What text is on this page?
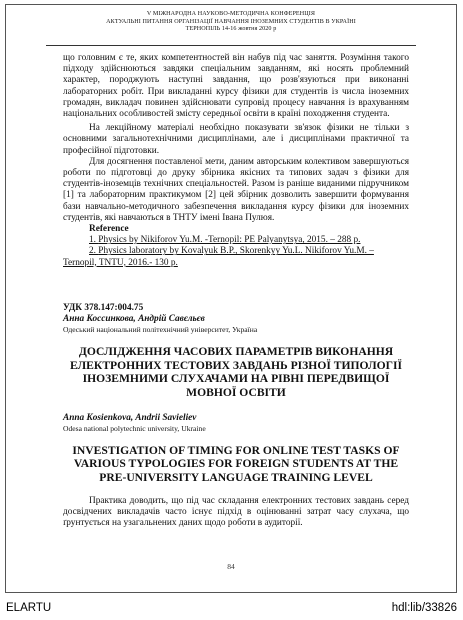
V МІЖНАРОДНА НАУКОВО-МЕТОДИЧНА КОНФЕРЕНЦІЯ
АКТУАЛЬНІ ПИТАННЯ ОРГАНІЗАЦІЇ НАВЧАННЯ ІНОЗЕМНИХ СТУДЕНТІВ В УКРАЇНІ
ТЕРНОПІЛЬ 14-16 жовтня 2020 р

що головним є те, яких компетентностей він набув під час заняття. Розуміння такого підходу здійснюються завдяки спеціальним завданням, які носять проблемний характер, породжують наступні завдання, що розв'язуються при виконанні лабораторних робіт. При викладанні курсу фізики для студентів із числа іноземних громадян, викладач повинен здійснювати супровід процесу навчання із врахуванням національних особливостей змісту середньої освіти в країні походження студента.

На лекційному матеріалі необхідно показувати зв'язок фізики не тільки з основними загальнотехнічними дисциплінами, але і дисциплінами практичної та професійної підготовки.

Для досягнення поставленої мети, даним авторським колективом завершуються роботи по підготовці до друку збірника якісних та типових задач з фізики для студентів-іноземців технічних спеціальностей. Разом із раніше виданими підручником [1] та лабораторним практикумом [2] цей збірник дозволить завершити формування бази навчально-методичного забезпечення викладання курсу фізики для іноземних студентів, які навчаються в ТНТУ імені Івана Пулюя.

Reference

1. Physics by Nikiforov Yu.M. -Ternopil: PE Palyanytsya, 2015. – 288 p.

2. Physics laboratory by Kovalyuk B.P., Skorenkyy Yu.L. Nikiforov Yu.M. – Ternopil, TNTU, 2016.- 130 p.

УДК 378.147:004.75

Анна Коссинкова, Андрій Савєльєв

Одеський національний політехнічний університет, Україна

ДОСЛІДЖЕННЯ ЧАСОВИХ ПАРАМЕТРІВ ВИКОНАННЯ ЕЛЕКТРОННИХ ТЕСТОВИХ ЗАВДАНЬ РІЗНОЇ ТИПОЛОГІЇ ІНОЗЕМНИМИ СЛУХАЧАМИ НА РІВНІ ПЕРЕДВИЩОЇ МОВНОЇ ОСВІТИ

Anna Kosienkova, Andrii Savieliev

Odesa national polytechnic university, Ukraine

INVESTIGATION OF TIMING FOR ONLINE TEST TASKS OF VARIOUS TYPOLOGIES FOR FOREIGN STUDENTS AT THE PRE-UNIVERSITY LANGUAGE TRAINING LEVEL

Практика доводить, що під час складання електронних тестових завдань серед досвідчених викладачів часто існує підхід в оцінюванні затрат часу слухача, що ґрунтується на узагальнених даних щодо роботи в аудиторії.

84
ELARTU	hdl:lib/33826
